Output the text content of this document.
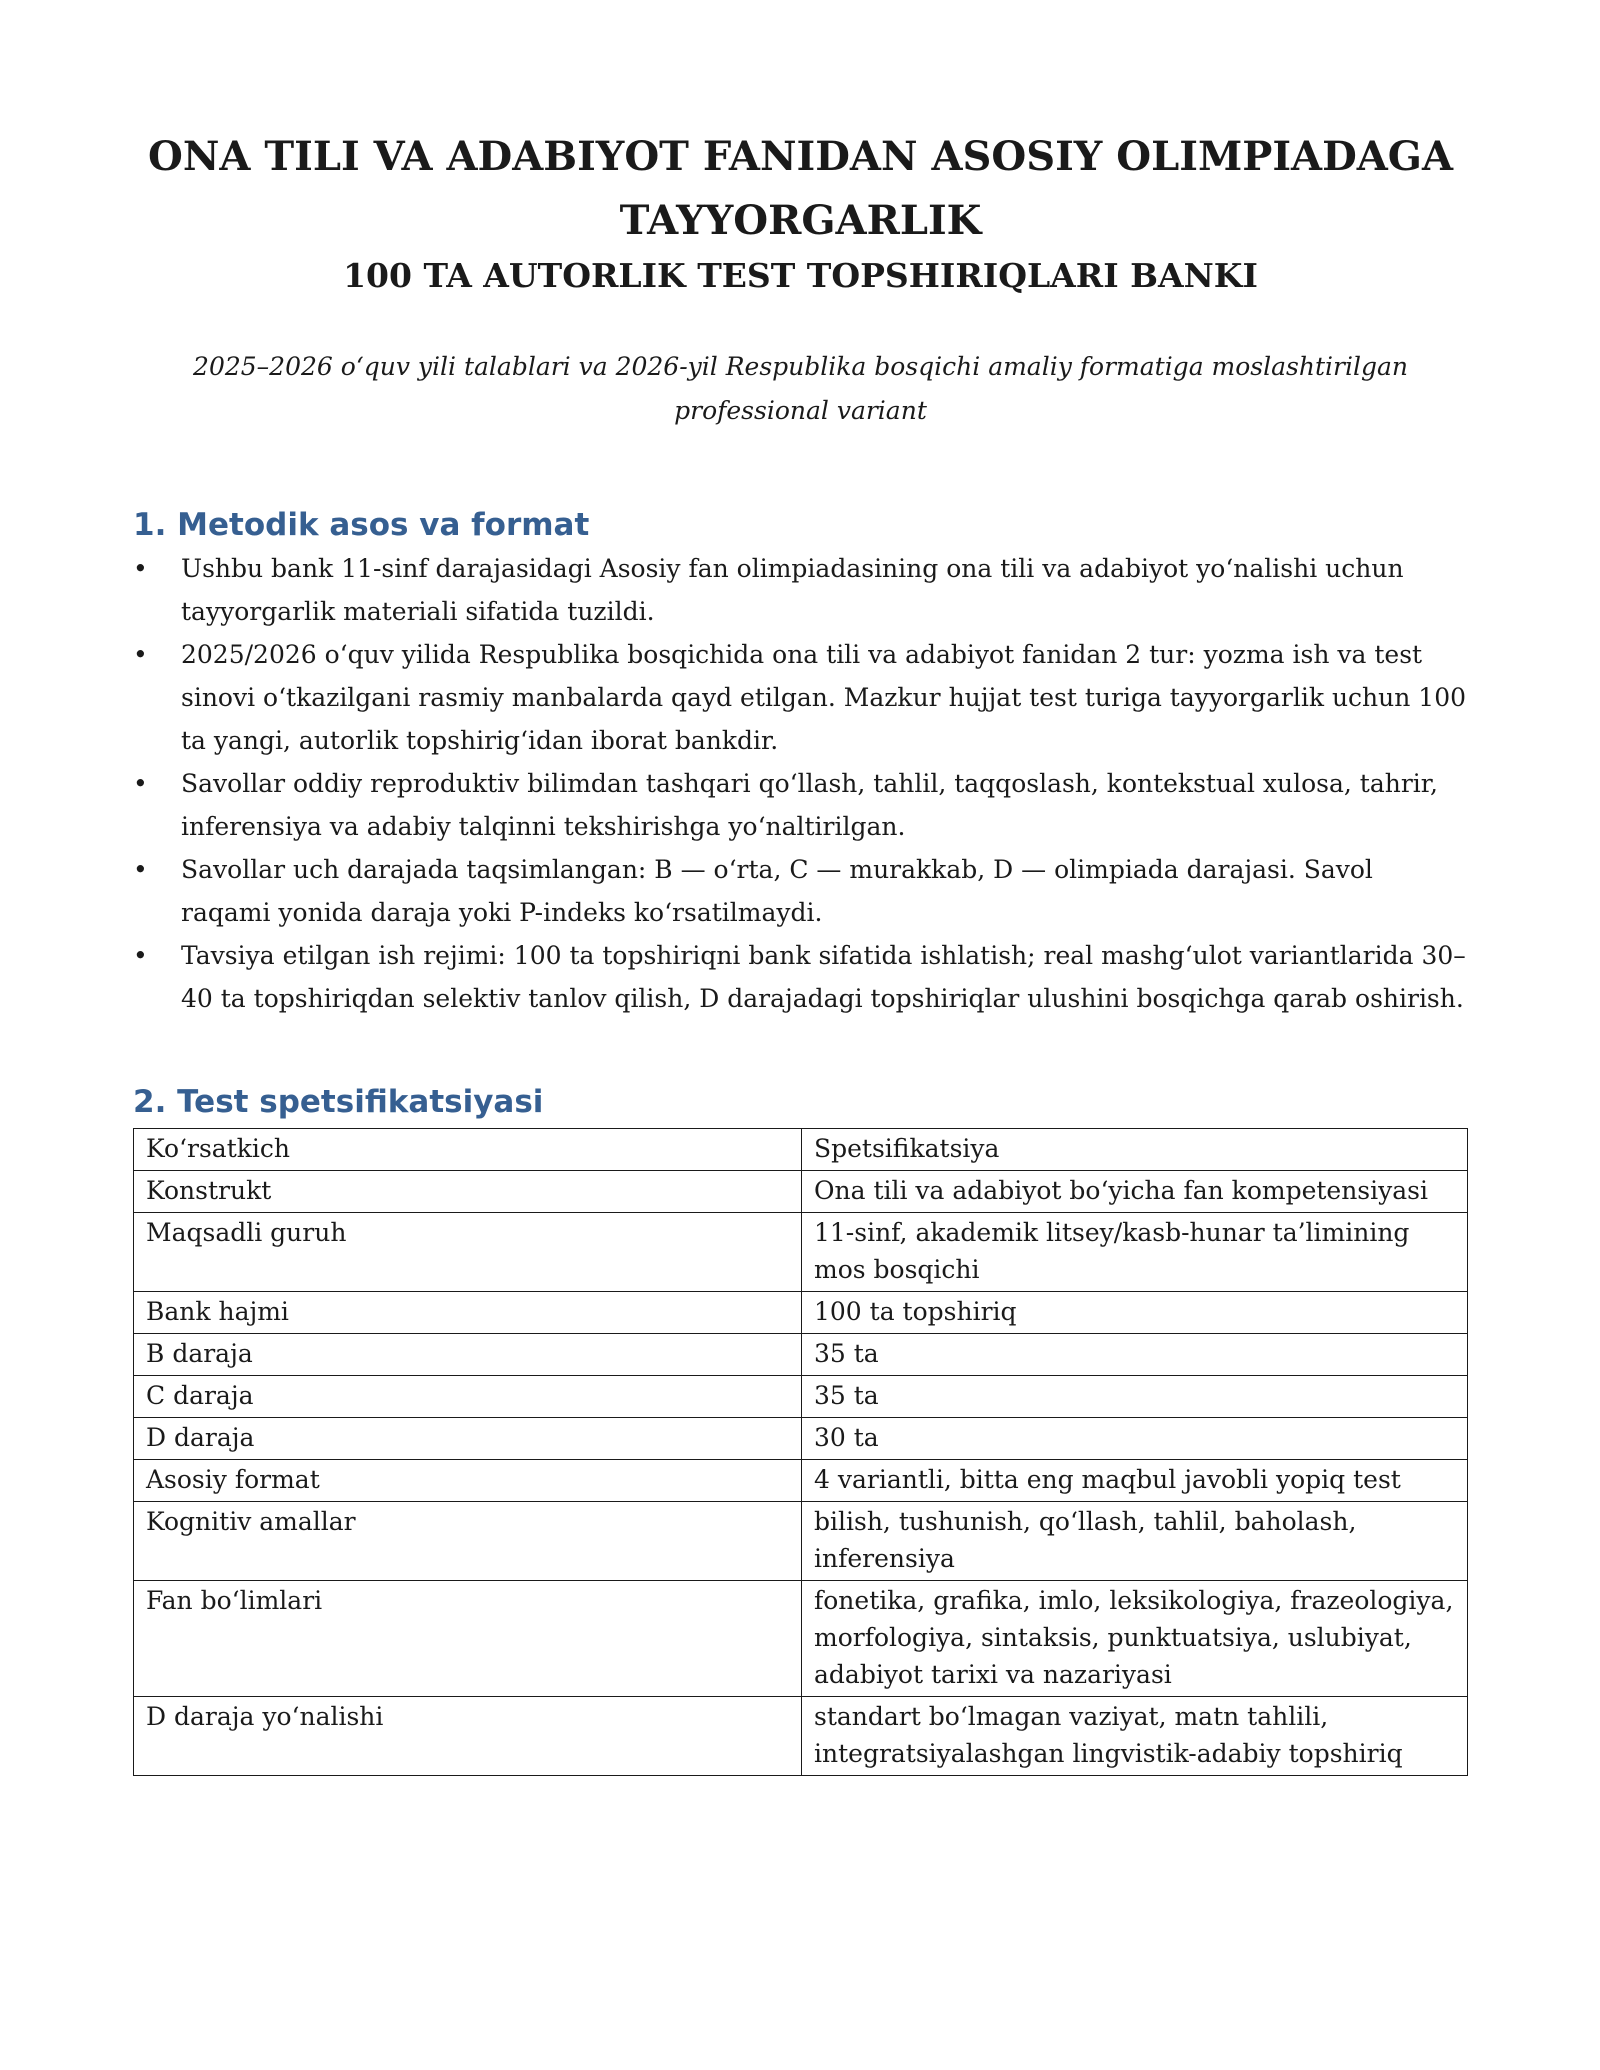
ONA TILI VA ADABIYOT FANIDAN ASOSIY OLIMPIADAGA TAYYORGARLIK
100 TA AUTORLIK TEST TOPSHIRIQLARI BANKI

2025–2026 o‘quv yili talablari va 2026-yil Respublika bosqichi amaliy formatiga moslashtirilgan professional variant

1. Metodik asos va format
• Ushbu bank 11-sinf darajasidagi Asosiy fan olimpiadasining ona tili va adabiyot yo‘nalishi uchun tayyorgarlik materiali sifatida tuzildi.
• 2025/2026 o‘quv yilida Respublika bosqichida ona tili va adabiyot fanidan 2 tur: yozma ish va test sinovi o‘tkazilgani rasmiy manbalarda qayd etilgan. Mazkur hujjat test turiga tayyorgarlik uchun 100 ta yangi, autorlik topshirig‘idan iborat bankdir.
• Savollar oddiy reproduktiv bilimdan tashqari qo‘llash, tahlil, taqqoslash, kontekstual xulosa, tahrir, inferensiya va adabiy talqinni tekshirishga yo‘naltirilgan.
• Savollar uch darajada taqsimlangan: B — o‘rta, C — murakkab, D — olimpiada darajasi. Savol raqami yonida daraja yoki P-indeks ko‘rsatilmaydi.
• Tavsiya etilgan ish rejimi: 100 ta topshiriqni bank sifatida ishlatish; real mashg‘ulot variantlarida 30–40 ta topshiriqdan selektiv tanlov qilish, D darajadagi topshiriqlar ulushini bosqichga qarab oshirish.
2. Test spetsifikatsiyasi
Ko‘rsatkich	Spetsifikatsiya
Konstrukt	Ona tili va adabiyot bo‘yicha fan kompetensiyasi
Maqsadli guruh	11-sinf, akademik litsey/kasb-hunar ta’limining mos bosqichi
Bank hajmi	100 ta topshiriq
B daraja	35 ta
C daraja	35 ta
D daraja	30 ta
Asosiy format	4 variantli, bitta eng maqbul javobli yopiq test
Kognitiv amallar	bilish, tushunish, qo‘llash, tahlil, baholash, inferensiya
Fan bo‘limlari	fonetika, grafika, imlo, leksikologiya, frazeologiya, morfologiya, sintaksis, punktuatsiya, uslubiyat, adabiyot tarixi va nazariyasi
D daraja yo‘nalishi	standart bo‘lmagan vaziyat, matn tahlili, integratsiyalashgan lingvistik-adabiy topshiriq
